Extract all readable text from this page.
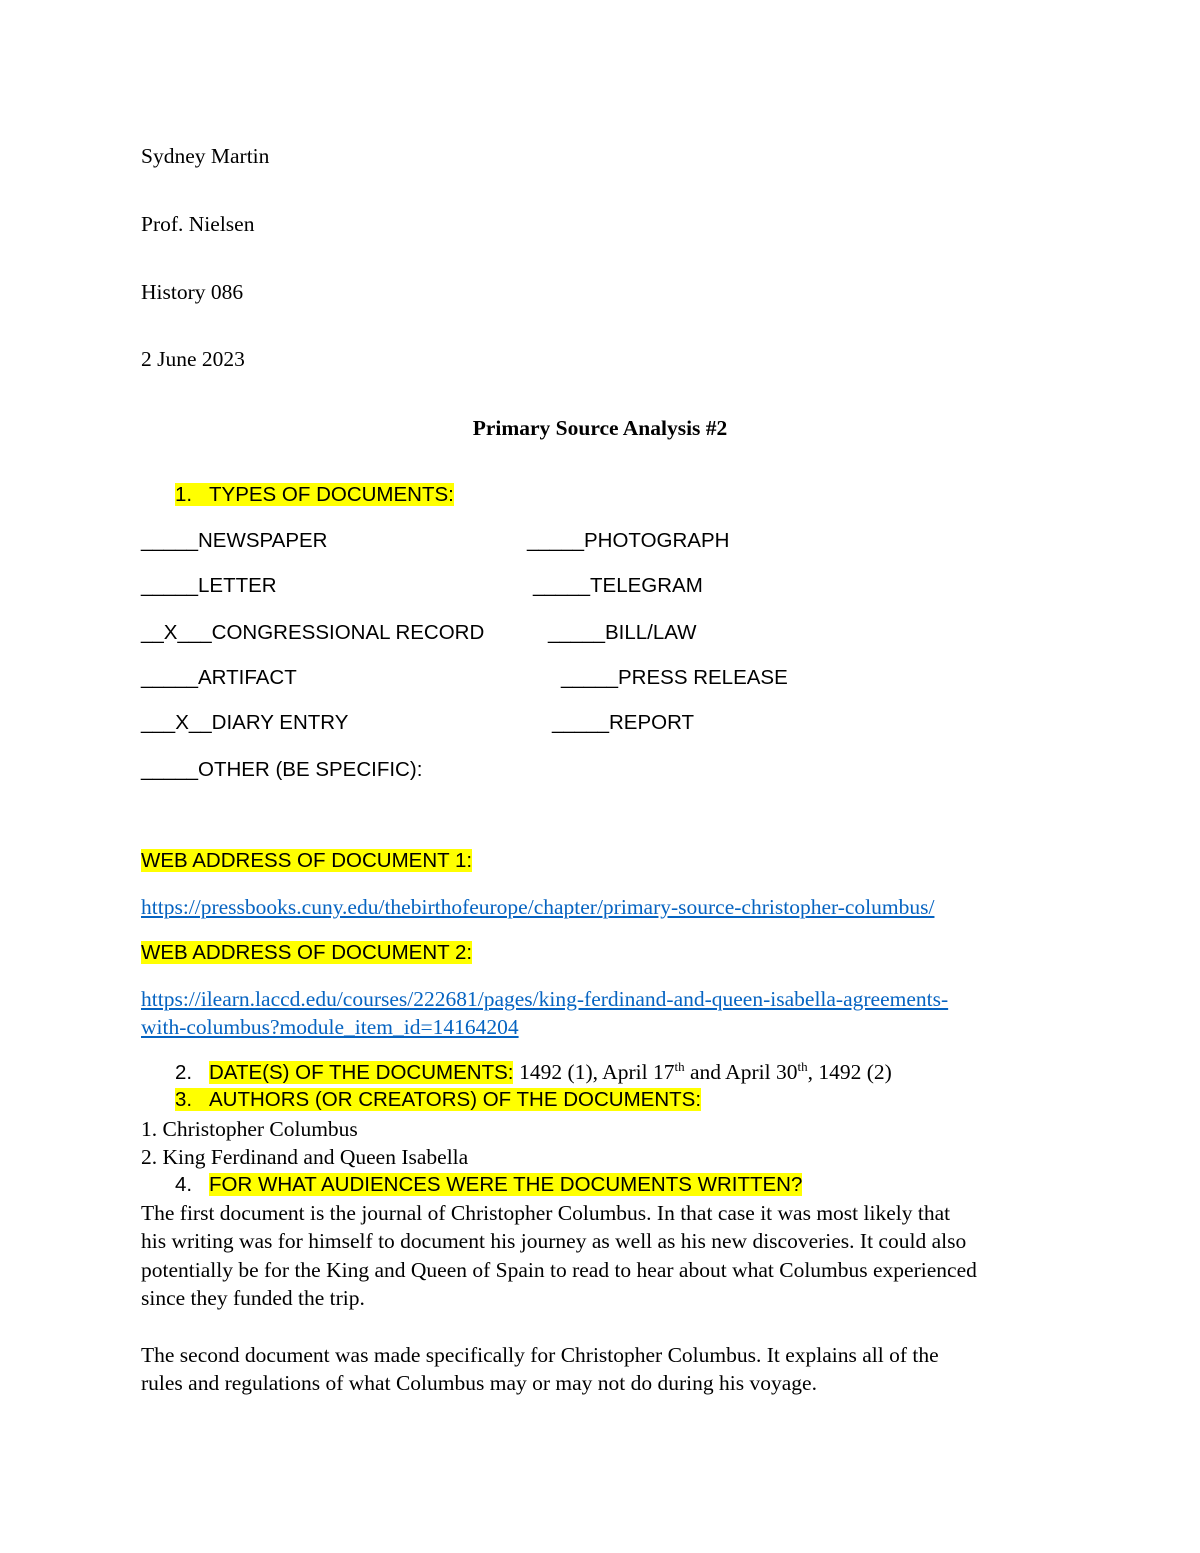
Sydney Martin
Prof. Nielsen
History 086
2 June 2023
Primary Source Analysis #2
1. TYPES OF DOCUMENTS:
_____NEWSPAPER	_____PHOTOGRAPH
_____LETTER	_____TELEGRAM
__X___CONGRESSIONAL RECORD	_____BILL/LAW
_____ARTIFACT	_____PRESS RELEASE
___X__DIARY ENTRY	_____REPORT
_____OTHER (BE SPECIFIC):
WEB ADDRESS OF DOCUMENT 1:
https://pressbooks.cuny.edu/thebirthofeurope/chapter/primary-source-christopher-columbus/
WEB ADDRESS OF DOCUMENT 2:
https://ilearn.laccd.edu/courses/222681/pages/king-ferdinand-and-queen-isabella-agreements-
with-columbus?module_item_id=14164204
2. DATE(S) OF THE DOCUMENTS: 1492 (1), April 17th and April 30th, 1492 (2)
3. AUTHORS (OR CREATORS) OF THE DOCUMENTS:
1. Christopher Columbus
2. King Ferdinand and Queen Isabella
4. FOR WHAT AUDIENCES WERE THE DOCUMENTS WRITTEN?
The first document is the journal of Christopher Columbus. In that case it was most likely that
his writing was for himself to document his journey as well as his new discoveries. It could also
potentially be for the King and Queen of Spain to read to hear about what Columbus experienced
since they funded the trip.
The second document was made specifically for Christopher Columbus. It explains all of the
rules and regulations of what Columbus may or may not do during his voyage.
